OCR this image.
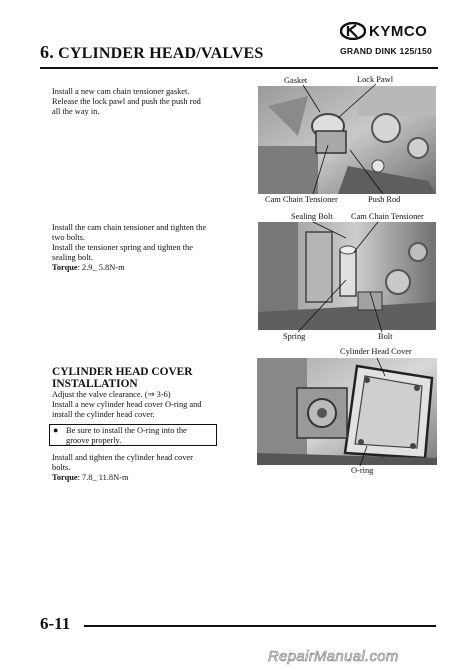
KYMCO
GRAND DINK 125/150
6. CYLINDER HEAD/VALVES
Install a new cam chain tensioner gasket.
Release the lock pawl and push the push rod
all the way in.
Gasket	Lock Pawl
Cam Chain Tensioner	Push Rod
Install the cam chain tensioner and tighten the
two bolts.
Install the tensioner spring and tighten the
sealing bolt.
Torque: 2.9_ 5.8N-m
Sealing Bolt Cam Chain Tensioner
Spring	Bolt
CYLINDER HEAD COVER
INSTALLATION
Adjust the valve clearance. (⇒ 3-6)
Install a new cylinder head cover O-ring and
install the cylinder head cover.
● Be sure to install the O-ring into the
groove properly.
Install and tighten the cylinder head cover
bolts.
Torque: 7.8_ 11.8N-m
Cylinder Head Cover
O-ring
6-11
RepairManual.com
